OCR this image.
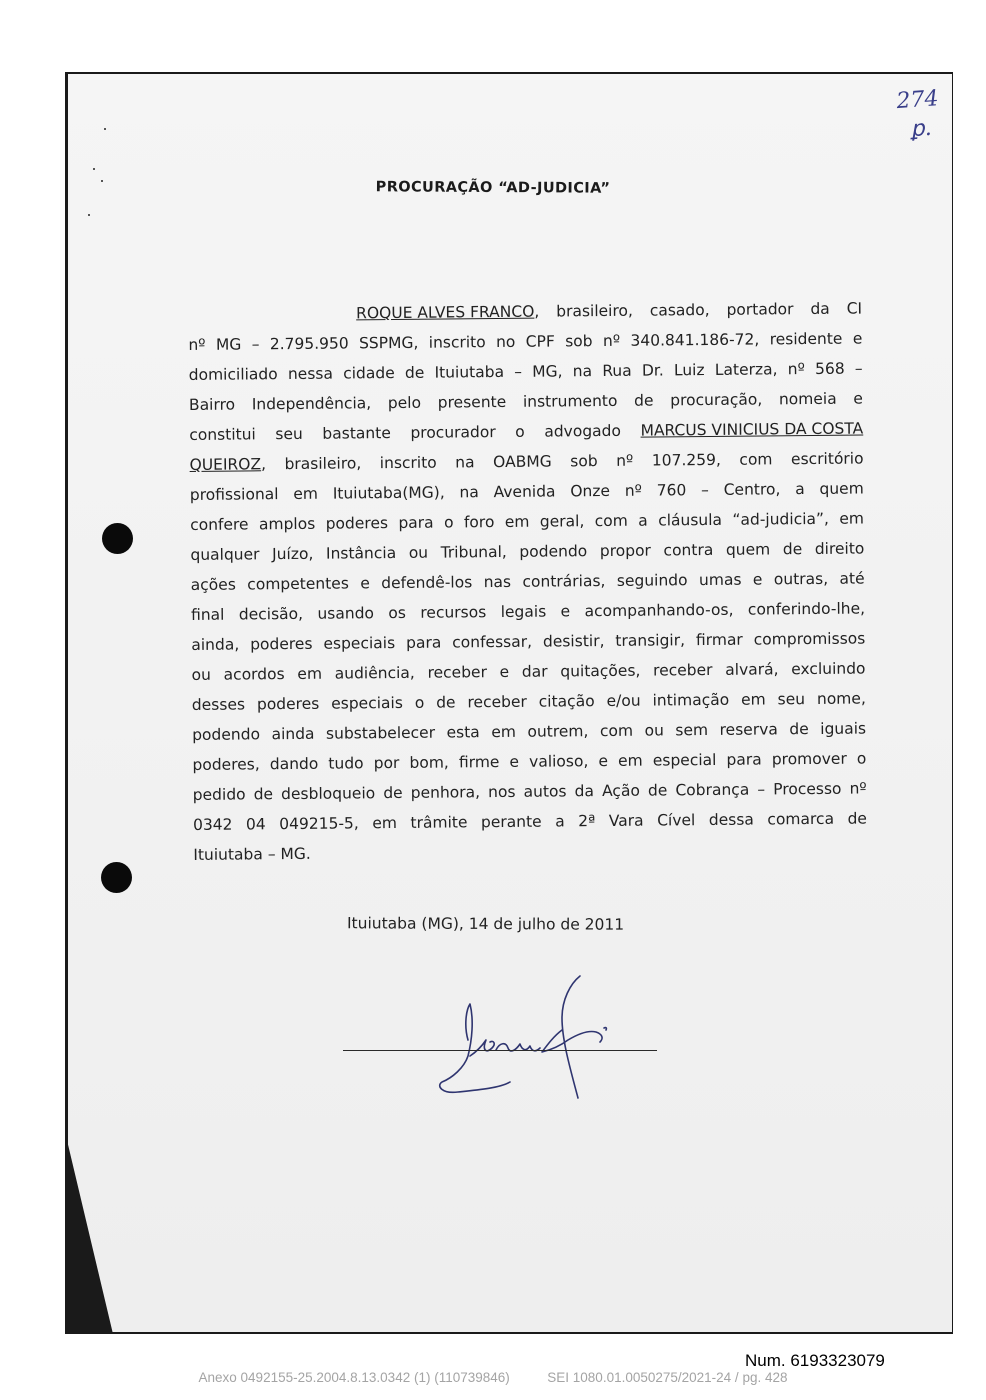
274
ꝑ.
PROCURAÇÃO “AD-JUDICIA”
ROQUE ALVES FRANCO, brasileiro, casado, portador da CI
nº MG – 2.795.950 SSPMG, inscrito no CPF sob nº 340.841.186-72, residente e
domiciliado nessa cidade de Ituiutaba – MG, na Rua Dr. Luiz Laterza, nº 568 –
Bairro Independência, pelo presente instrumento de procuração, nomeia e
constitui seu bastante procurador o advogado MARCUS VINICIUS DA COSTA
QUEIROZ, brasileiro, inscrito na OABMG sob nº 107.259, com escritório
profissional em Ituiutaba(MG), na Avenida Onze nº 760 – Centro, a quem
confere amplos poderes para o foro em geral, com a cláusula “ad-judicia”, em
qualquer Juízo, Instância ou Tribunal, podendo propor contra quem de direito
ações competentes e defendê-los nas contrárias, seguindo umas e outras, até
final decisão, usando os recursos legais e acompanhando-os, conferindo-lhe,
ainda, poderes especiais para confessar, desistir, transigir, firmar compromissos
ou acordos em audiência, receber e dar quitações, receber alvará, excluindo
desses poderes especiais o de receber citação e/ou intimação em seu nome,
podendo ainda substabelecer esta em outrem, com ou sem reserva de iguais
poderes, dando tudo por bom, firme e valioso, e em especial para promover o
pedido de desbloqueio de penhora, nos autos da Ação de Cobrança – Processo nº
0342 04 049215-5, em trâmite perante a 2ª Vara Cível dessa comarca de
Ituiutaba – MG.
Ituiutaba (MG), 14 de julho de 2011
Num. 6193323079
Anexo 0492155-25.2004.8.13.0342 (1) (110739846)          SEI 1080.01.0050275/2021-24 / pg. 428
